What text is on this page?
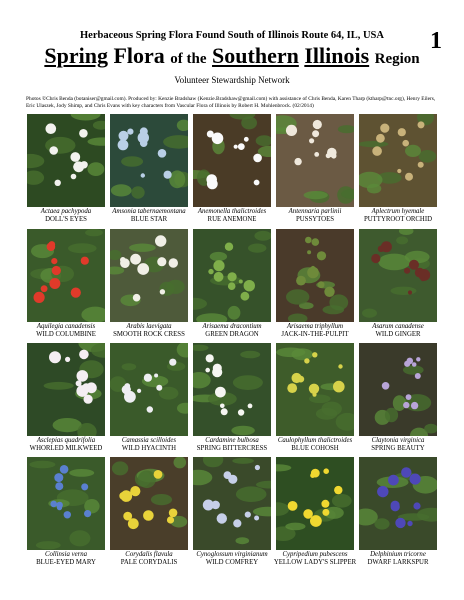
1
Herbaceous Spring Flora Found South of Illinois Route 64, IL, USA
Spring Flora of the Southern Illinois Region
Volunteer Stewardship Network
Photos ©Chris Benda (botaniser@gmail.com). Produced by: Kenzie Bradshaw (Kenzie.Bradshaw@gmail.com) with assistance of Chris Benda, Karen Tharp (ktharp@tnc.org), Henry Eilers, Eric Ulaszek, Jody Shimp, and Chris Evans with key characters from Vascular Flora of Illinois by Robert H. Mohlenbrock. (02/2014)
Actaea pachypoda
DOLL'S EYES
Amsonia tabernaemontana
BLUE STAR
Anemonella thalictroides
RUE ANEMONE
Antennaria parlinii
PUSSYTOES
Aplectrum hyemale
PUTTYROOT ORCHID
Aquilegia canadensis
WILD COLUMBINE
Arabis laevigata
SMOOTH ROCK CRESS
Arisaema dracontium
GREEN DRAGON
Arisaema triphyllum
JACK-IN-THE-PULPIT
Asarum canadense
WILD GINGER
Asclepias quadrifolia
WHORLED MILKWEED
Camassia scilloides
WILD HYACINTH
Cardamine bulbosa
SPRING BITTERCRESS
Caulophyllum thalictroides
BLUE COHOSH
Claytonia virginica
SPRING BEAUTY
Collinsia verna
BLUE-EYED MARY
Corydalis flavula
PALE CORYDALIS
Cynoglossum virginianum
WILD COMFREY
Cypripedium pubescens
YELLOW LADY'S SLIPPER
Delphinium tricorne
DWARF LARKSPUR
